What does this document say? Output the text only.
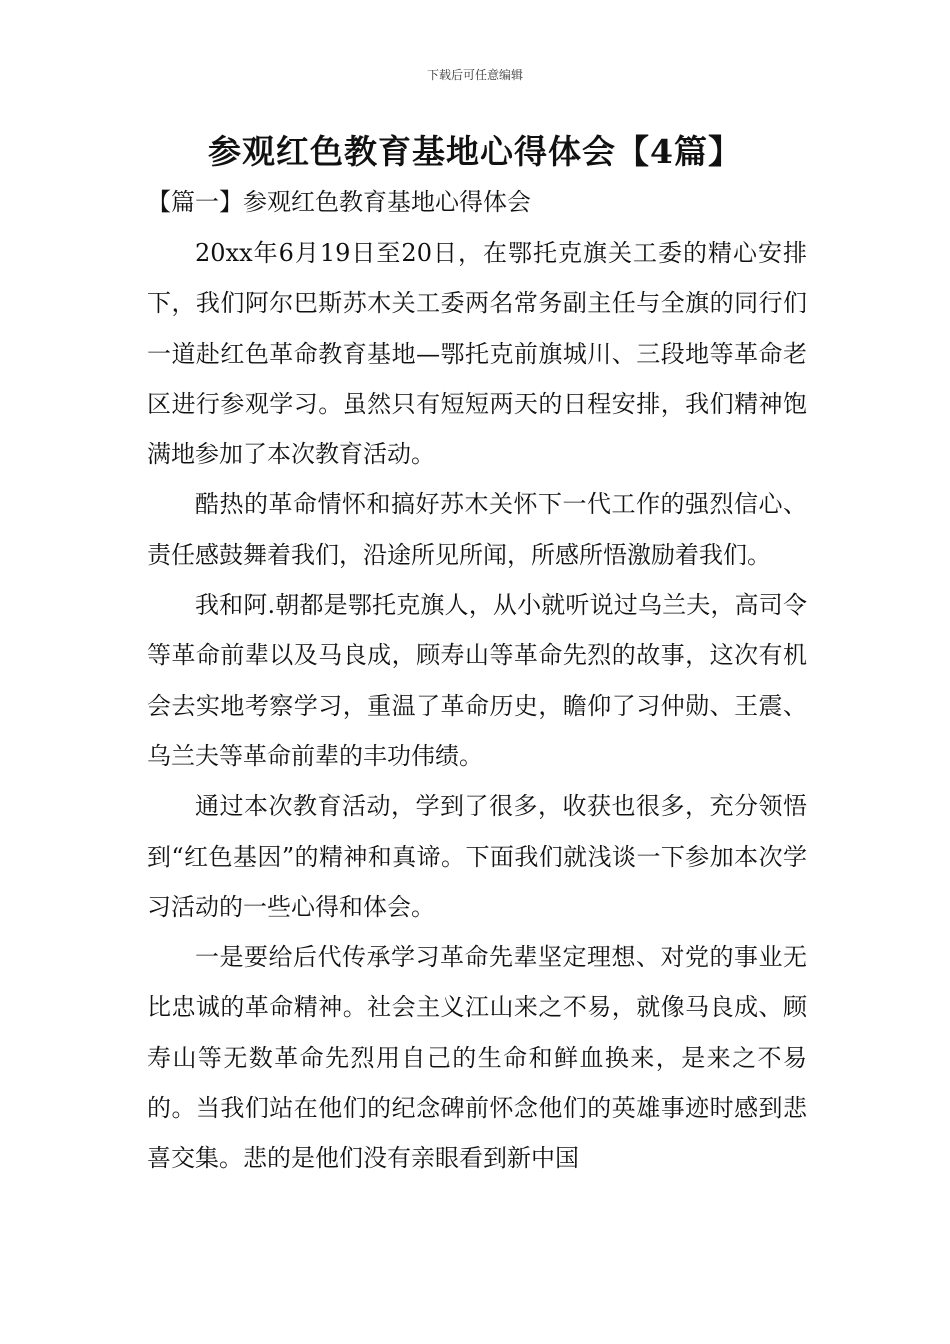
下载后可任意编辑
参观红色教育基地心得体会【4篇】
【篇一】参观红色教育基地心得体会

20xx年6月19日至20日，在鄂托克旗关工委的精心安排下，我们阿尔巴斯苏木关工委两名常务副主任与全旗的同行们一道赴红色革命教育基地—鄂托克前旗城川、三段地等革命老区进行参观学习。虽然只有短短两天的日程安排，我们精神饱满地参加了本次教育活动。

酷热的革命情怀和搞好苏木关怀下一代工作的强烈信心、责任感鼓舞着我们，沿途所见所闻，所感所悟激励着我们。

我和阿.朝都是鄂托克旗人，从小就听说过乌兰夫，高司令等革命前辈以及马良成，顾寿山等革命先烈的故事，这次有机会去实地考察学习，重温了革命历史，瞻仰了习仲勋、王震、乌兰夫等革命前辈的丰功伟绩。

通过本次教育活动，学到了很多，收获也很多，充分领悟到“红色基因”的精神和真谛。下面我们就浅谈一下参加本次学习活动的一些心得和体会。

一是要给后代传承学习革命先辈坚定理想、对党的事业无比忠诚的革命精神。社会主义江山来之不易，就像马良成、顾寿山等无数革命先烈用自己的生命和鲜血换来，是来之不易的。当我们站在他们的纪念碑前怀念他们的英雄事迹时感到悲喜交集。悲的是他们没有亲眼看到新中国
